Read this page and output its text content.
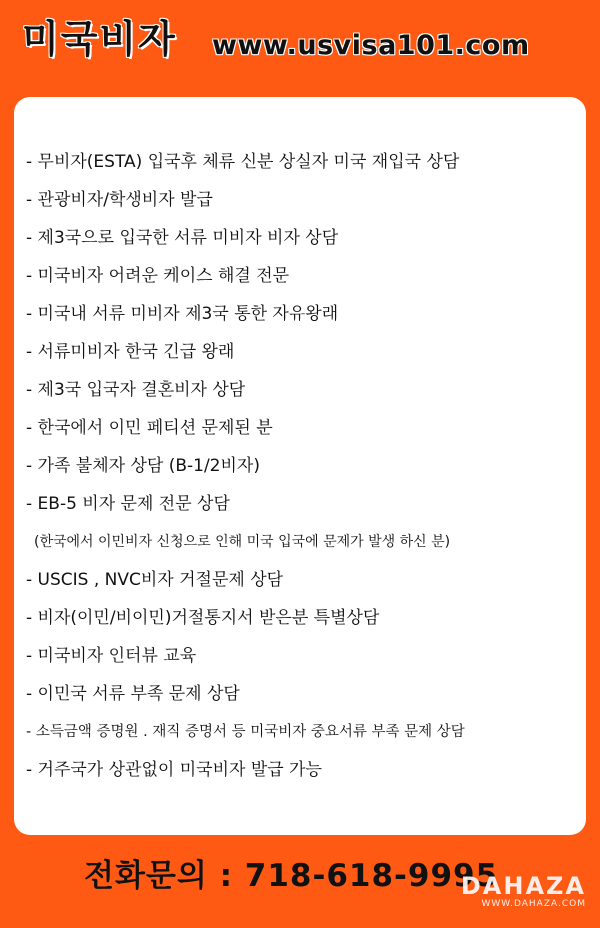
미국비자 www.usvisa101.com
- 무비자(ESTA) 입국후 체류 신분 상실자 미국 재입국 상담
- 관광비자/학생비자 발급
- 제3국으로 입국한 서류 미비자 비자 상담
- 미국비자 어려운 케이스 해결 전문
- 미국내 서류 미비자 제3국 통한 자유왕래
- 서류미비자 한국 긴급 왕래
- 제3국 입국자 결혼비자 상담
- 한국에서 이민 페티션 문제된 분
- 가족 불체자 상담 (B-1/2비자)
- EB-5 비자 문제 전문 상담
(한국에서 이민비자 신청으로 인해 미국 입국에 문제가 발생 하신 분)
- USCIS , NVC비자 거절문제 상담
- 비자(이민/비이민)거절통지서 받은분 특별상담
- 미국비자 인터뷰 교육
- 이민국 서류 부족 문제 상담
- 소득금액 증명원 . 재직 증명서 등 미국비자 중요서류 부족 문제 상담
- 거주국가 상관없이 미국비자 발급 가능
전화문의 : 718-618-9995
DAHAZA
WWW.DAHAZA.COM
